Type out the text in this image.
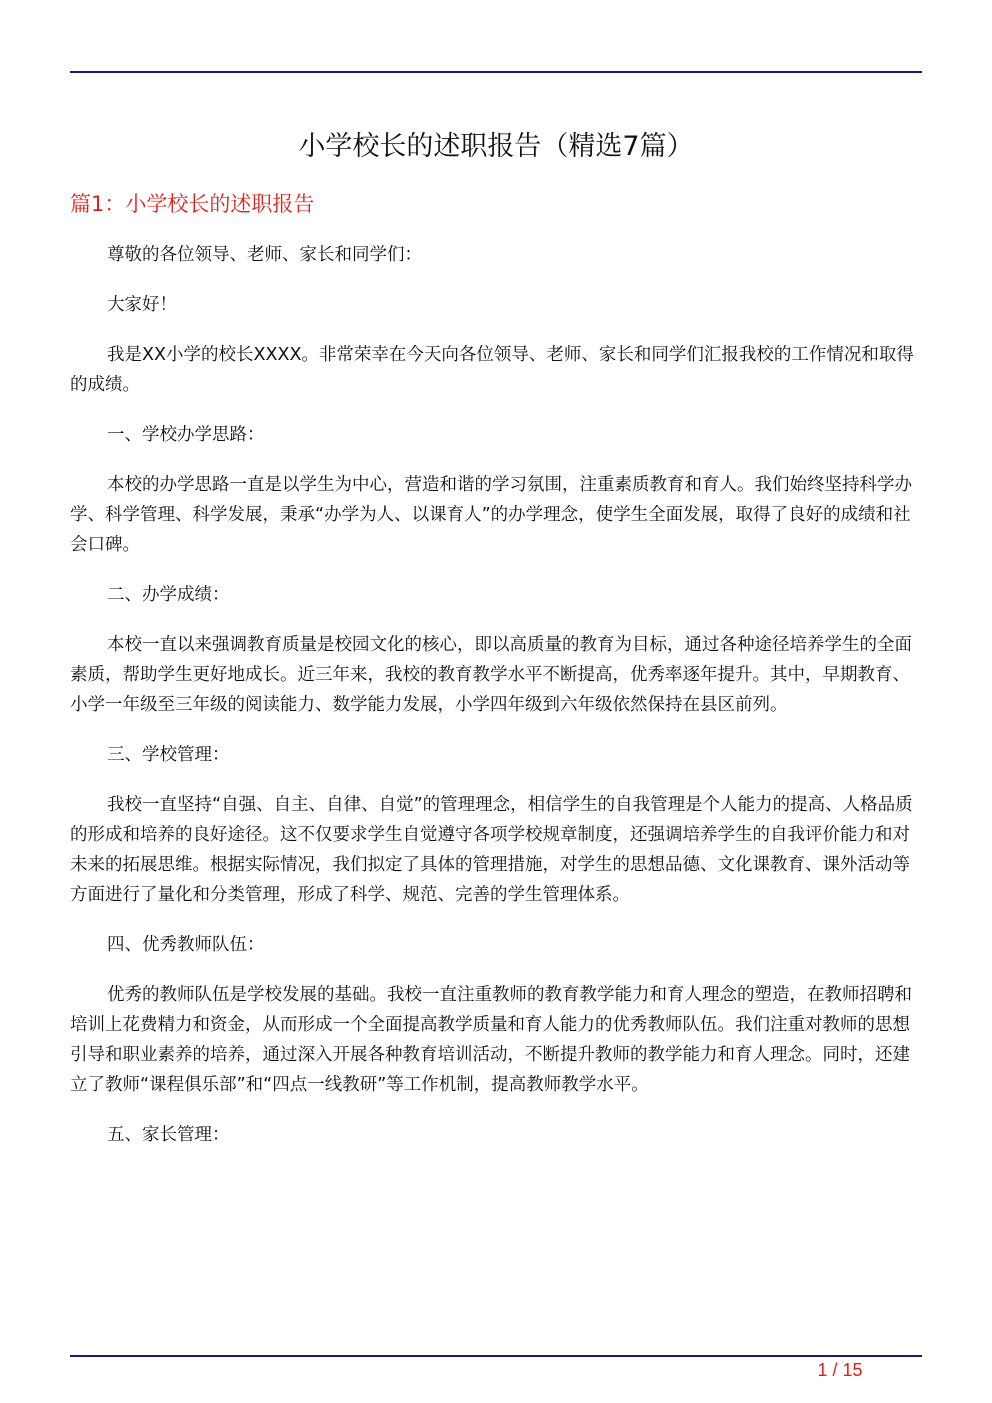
小学校长的述职报告（精选7篇）
篇1：小学校长的述职报告

尊敬的各位领导、老师、家长和同学们：

大家好！

我是XX小学的校长XXXX。非常荣幸在今天向各位领导、老师、家长和同学们汇报我校的工作情况和取得的成绩。

一、学校办学思路：

本校的办学思路一直是以学生为中心，营造和谐的学习氛围，注重素质教育和育人。我们始终坚持科学办学、科学管理、科学发展，秉承“办学为人、以课育人”的办学理念，使学生全面发展，取得了良好的成绩和社会口碑。

二、办学成绩：

本校一直以来强调教育质量是校园文化的核心，即以高质量的教育为目标，通过各种途径培养学生的全面素质，帮助学生更好地成长。近三年来，我校的教育教学水平不断提高，优秀率逐年提升。其中，早期教育、小学一年级至三年级的阅读能力、数学能力发展，小学四年级到六年级依然保持在县区前列。

三、学校管理：

我校一直坚持“自强、自主、自律、自觉”的管理理念，相信学生的自我管理是个人能力的提高、人格品质的形成和培养的良好途径。这不仅要求学生自觉遵守各项学校规章制度，还强调培养学生的自我评价能力和对未来的拓展思维。根据实际情况，我们拟定了具体的管理措施，对学生的思想品德、文化课教育、课外活动等方面进行了量化和分类管理，形成了科学、规范、完善的学生管理体系。

四、优秀教师队伍：

优秀的教师队伍是学校发展的基础。我校一直注重教师的教育教学能力和育人理念的塑造，在教师招聘和培训上花费精力和资金，从而形成一个全面提高教学质量和育人能力的优秀教师队伍。我们注重对教师的思想引导和职业素养的培养，通过深入开展各种教育培训活动，不断提升教师的教学能力和育人理念。同时，还建立了教师“课程俱乐部”和“四点一线教研”等工作机制，提高教师教学水平。

五、家长管理：

1 / 15
